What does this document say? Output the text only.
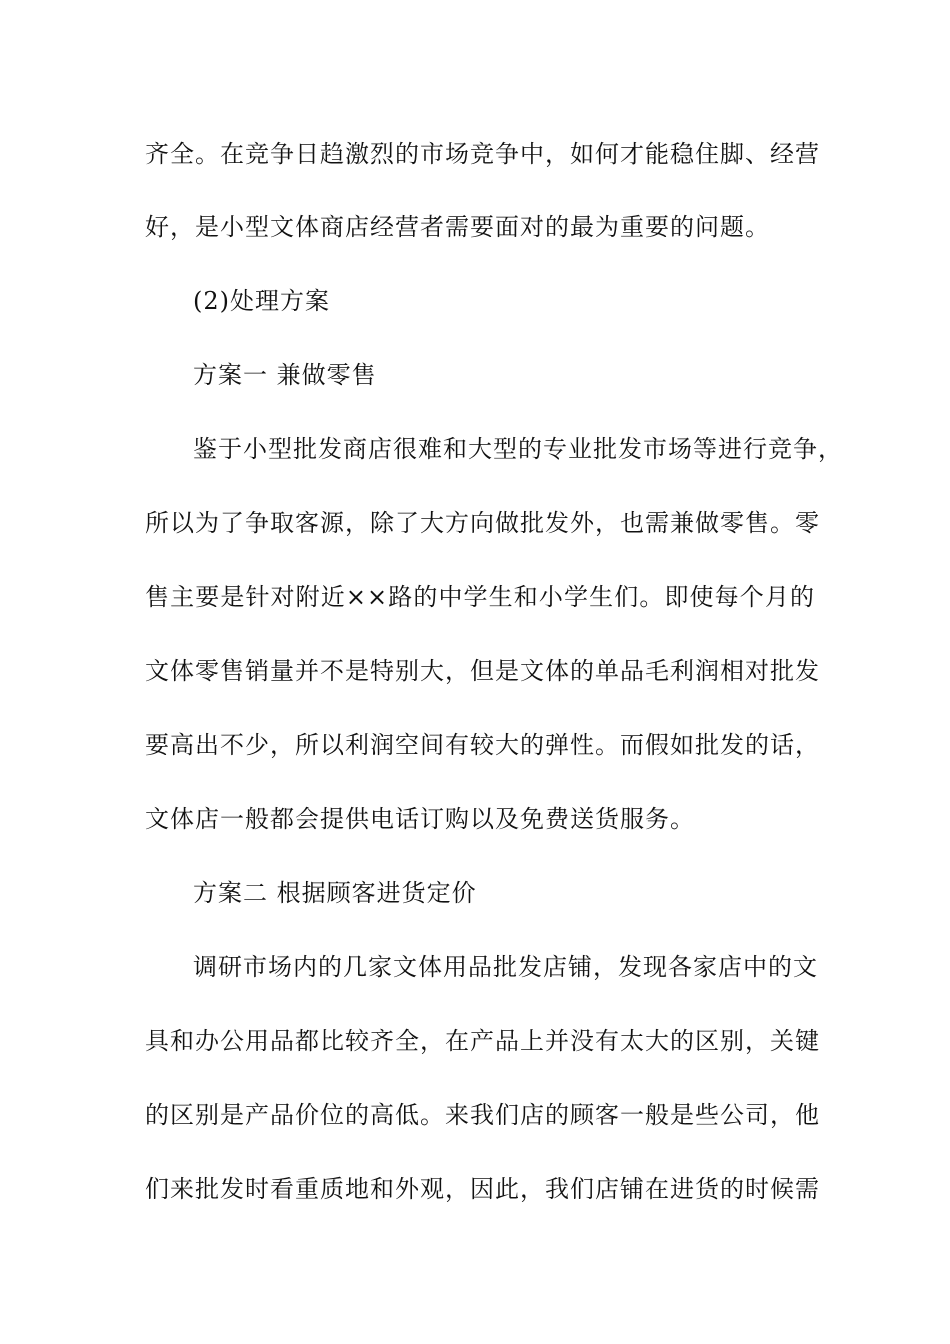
齐全。在竞争日趋激烈的市场竞争中，如何才能稳住脚、经营
好，是小型文体商店经营者需要面对的最为重要的问题。
(2)处理方案
方案一 兼做零售
鉴于小型批发商店很难和大型的专业批发市场等进行竞争，
所以为了争取客源，除了大方向做批发外，也需兼做零售。零
售主要是针对附近××路的中学生和小学生们。即使每个月的
文体零售销量并不是特别大，但是文体的单品毛利润相对批发
要高出不少，所以利润空间有较大的弹性。而假如批发的话，
文体店一般都会提供电话订购以及免费送货服务。
方案二 根据顾客进货定价
调研市场内的几家文体用品批发店铺，发现各家店中的文
具和办公用品都比较齐全，在产品上并没有太大的区别，关键
的区别是产品价位的高低。来我们店的顾客一般是些公司，他
们来批发时看重质地和外观，因此，我们店铺在进货的时候需
